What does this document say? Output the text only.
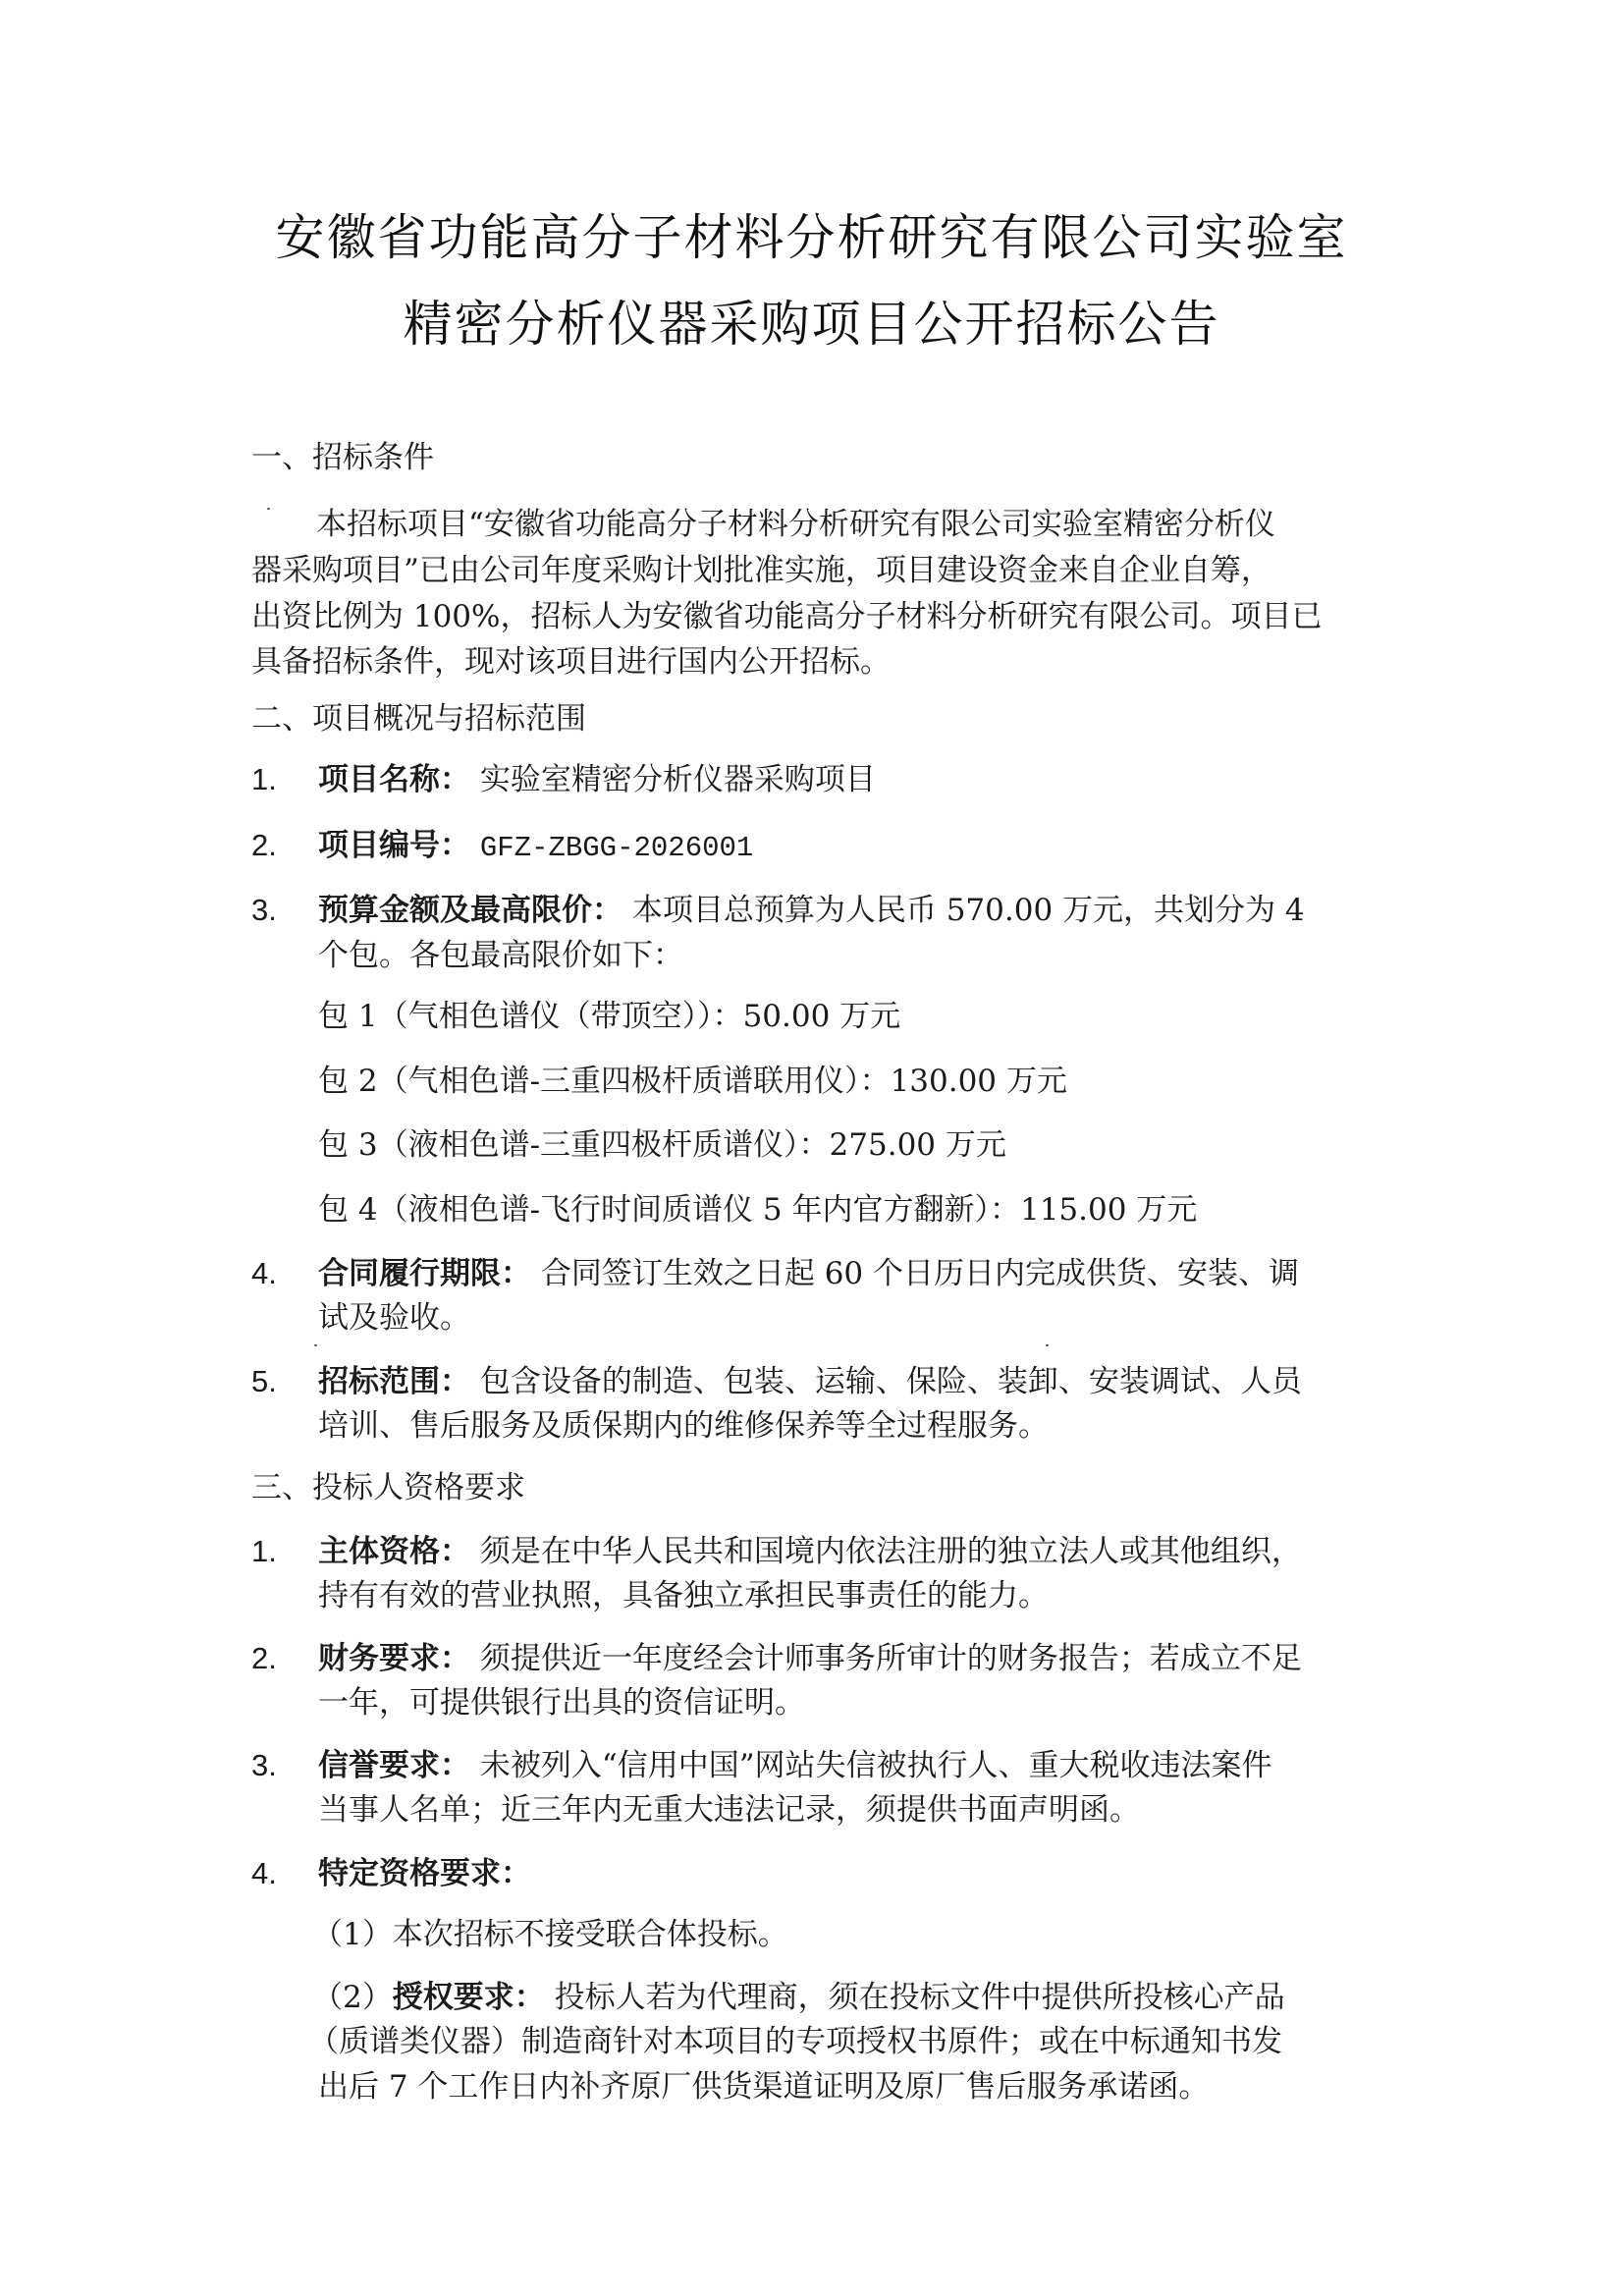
安徽省功能高分子材料分析研究有限公司实验室
精密分析仪器采购项目公开招标公告
一、招标条件
本招标项目“安徽省功能高分子材料分析研究有限公司实验室精密分析仪
器采购项目”已由公司年度采购计划批准实施，项目建设资金来自企业自筹，
出资比例为 100%，招标人为安徽省功能高分子材料分析研究有限公司。项目已
具备招标条件，现对该项目进行国内公开招标。
二、项目概况与招标范围
1. 项目名称： 实验室精密分析仪器采购项目
2. 项目编号： GFZ-ZBGG-2026001
3. 预算金额及最高限价： 本项目总预算为人民币 570.00 万元，共划分为 4
个包。各包最高限价如下：
包 1（气相色谱仪（带顶空））：50.00 万元
包 2（气相色谱-三重四极杆质谱联用仪）：130.00 万元
包 3（液相色谱-三重四极杆质谱仪）：275.00 万元
包 4（液相色谱-飞行时间质谱仪 5 年内官方翻新）：115.00 万元
4. 合同履行期限： 合同签订生效之日起 60 个日历日内完成供货、安装、调
试及验收。
5. 招标范围： 包含设备的制造、包装、运输、保险、装卸、安装调试、人员
培训、售后服务及质保期内的维修保养等全过程服务。
三、投标人资格要求
1. 主体资格： 须是在中华人民共和国境内依法注册的独立法人或其他组织，
持有有效的营业执照，具备独立承担民事责任的能力。
2. 财务要求： 须提供近一年度经会计师事务所审计的财务报告；若成立不足
一年，可提供银行出具的资信证明。
3. 信誉要求： 未被列入“信用中国”网站失信被执行人、重大税收违法案件
当事人名单；近三年内无重大违法记录，须提供书面声明函。
4. 特定资格要求：
（1）本次招标不接受联合体投标。
（2）授权要求： 投标人若为代理商，须在投标文件中提供所投核心产品
（质谱类仪器）制造商针对本项目的专项授权书原件；或在中标通知书发
出后 7 个工作日内补齐原厂供货渠道证明及原厂售后服务承诺函。
